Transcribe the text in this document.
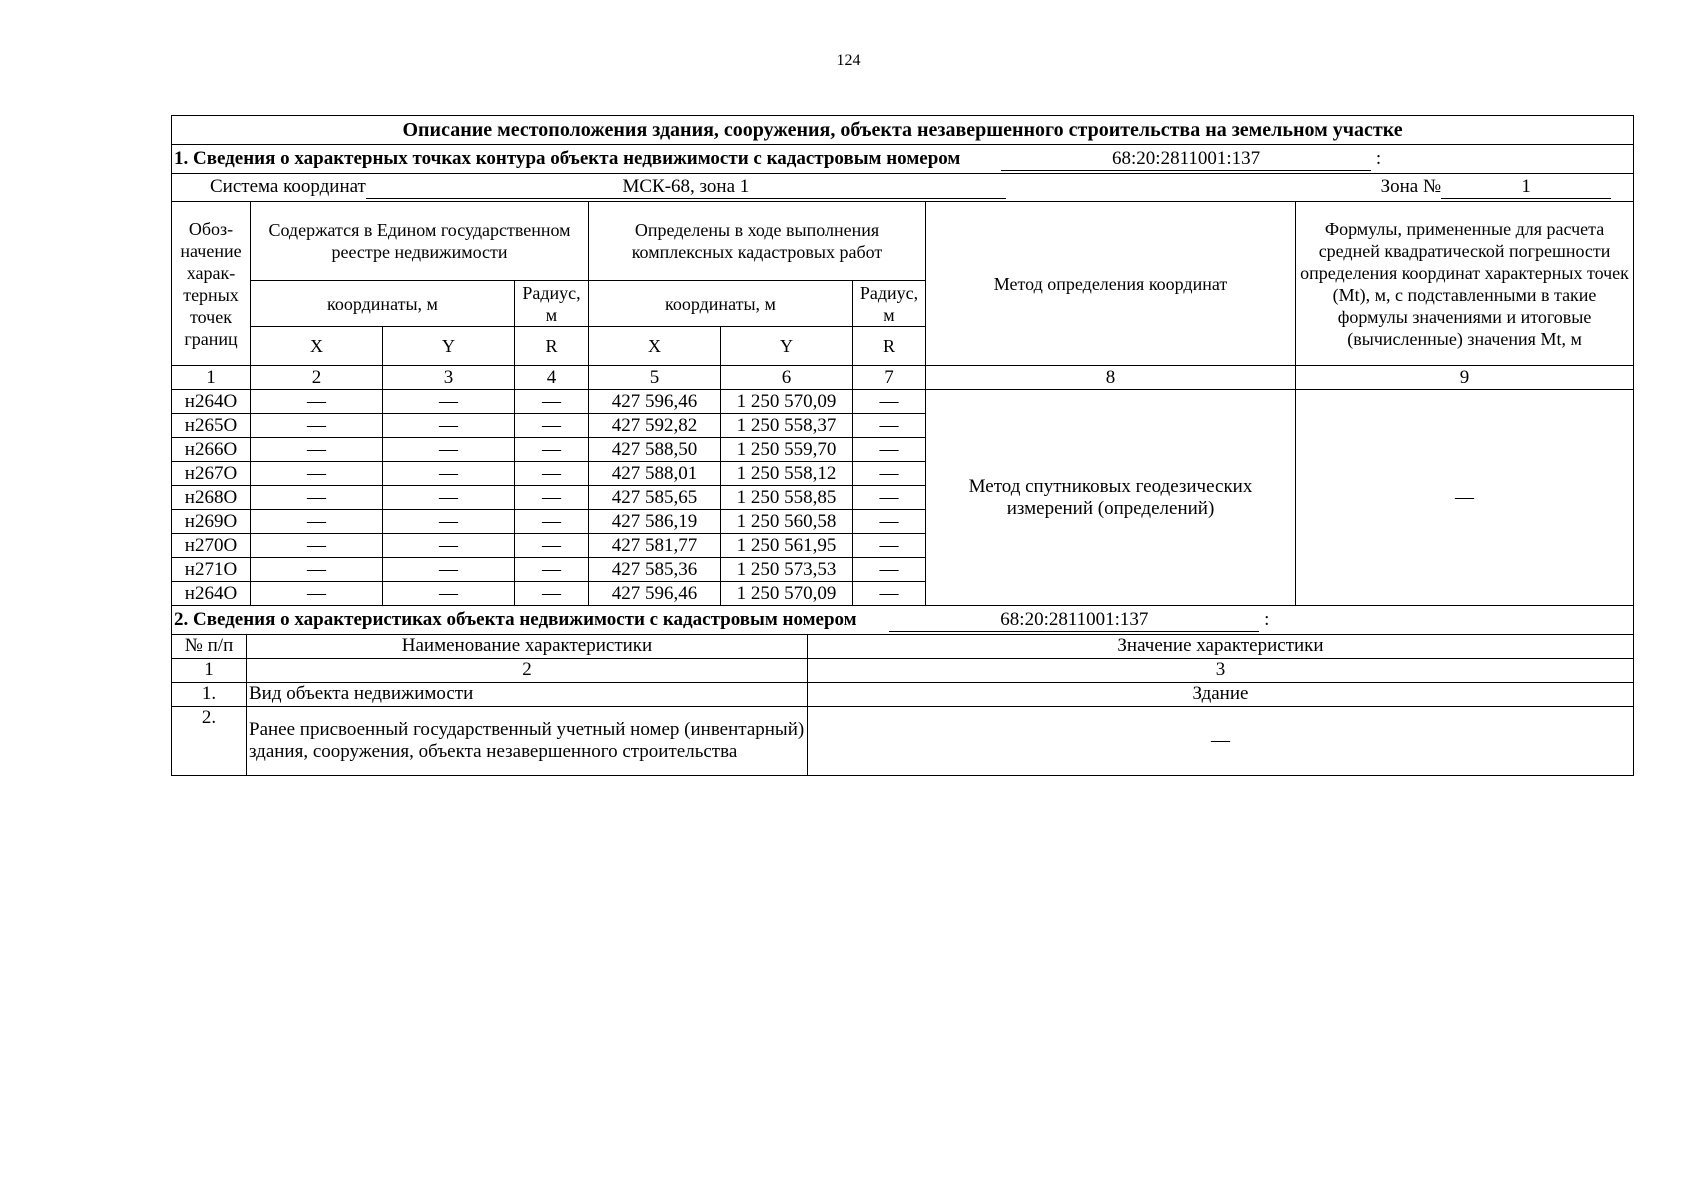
124
Описание местоположения здания, сооружения, объекта незавершенного строительства на земельном участке								
1. Сведения о характерных точках контура объекта недвижимости с кадастровым номером 68:20:2811001:137 :								
Система координат МСК-68, зона 1 Зона № 1								
Обоз-начение харак-терных точек границ	Содержатся в Едином государственном реестре недвижимости			Определены в ходе выполнения комплексных кадастровых работ			Метод определения координат	Формулы, примененные для расчета средней квадратической погрешности определения координат характерных точек (Mt), м, с подставленными в такие формулы значениями и итоговые (вычисленные) значения Mt, м
	координаты, м		Радиус, м	координаты, м		Радиус, м		
	X	Y	R	X	Y	R		
1	2	3	4	5	6	7	8	9
н264О	—	—	—	427 596,46	1 250 570,09	—	Метод спутниковых геодезических измерений (определений)	—
н265О	—	—	—	427 592,82	1 250 558,37	—		
н266О	—	—	—	427 588,50	1 250 559,70	—		
н267О	—	—	—	427 588,01	1 250 558,12	—		
н268О	—	—	—	427 585,65	1 250 558,85	—		
н269О	—	—	—	427 586,19	1 250 560,58	—		
н270О	—	—	—	427 581,77	1 250 561,95	—		
н271О	—	—	—	427 585,36	1 250 573,53	—		
н264О	—	—	—	427 596,46	1 250 570,09	—		
2. Сведения о характеристиках объекта недвижимости с кадастровым номером 68:20:2811001:137 :								
№ п/п	Наименование характеристики	Значение характеристики
1	2	3
1.	Вид объекта недвижимости	Здание
2.	Ранее присвоенный государственный учетный номер (инвентарный) здания, сооружения, объекта незавершенного строительства	—
